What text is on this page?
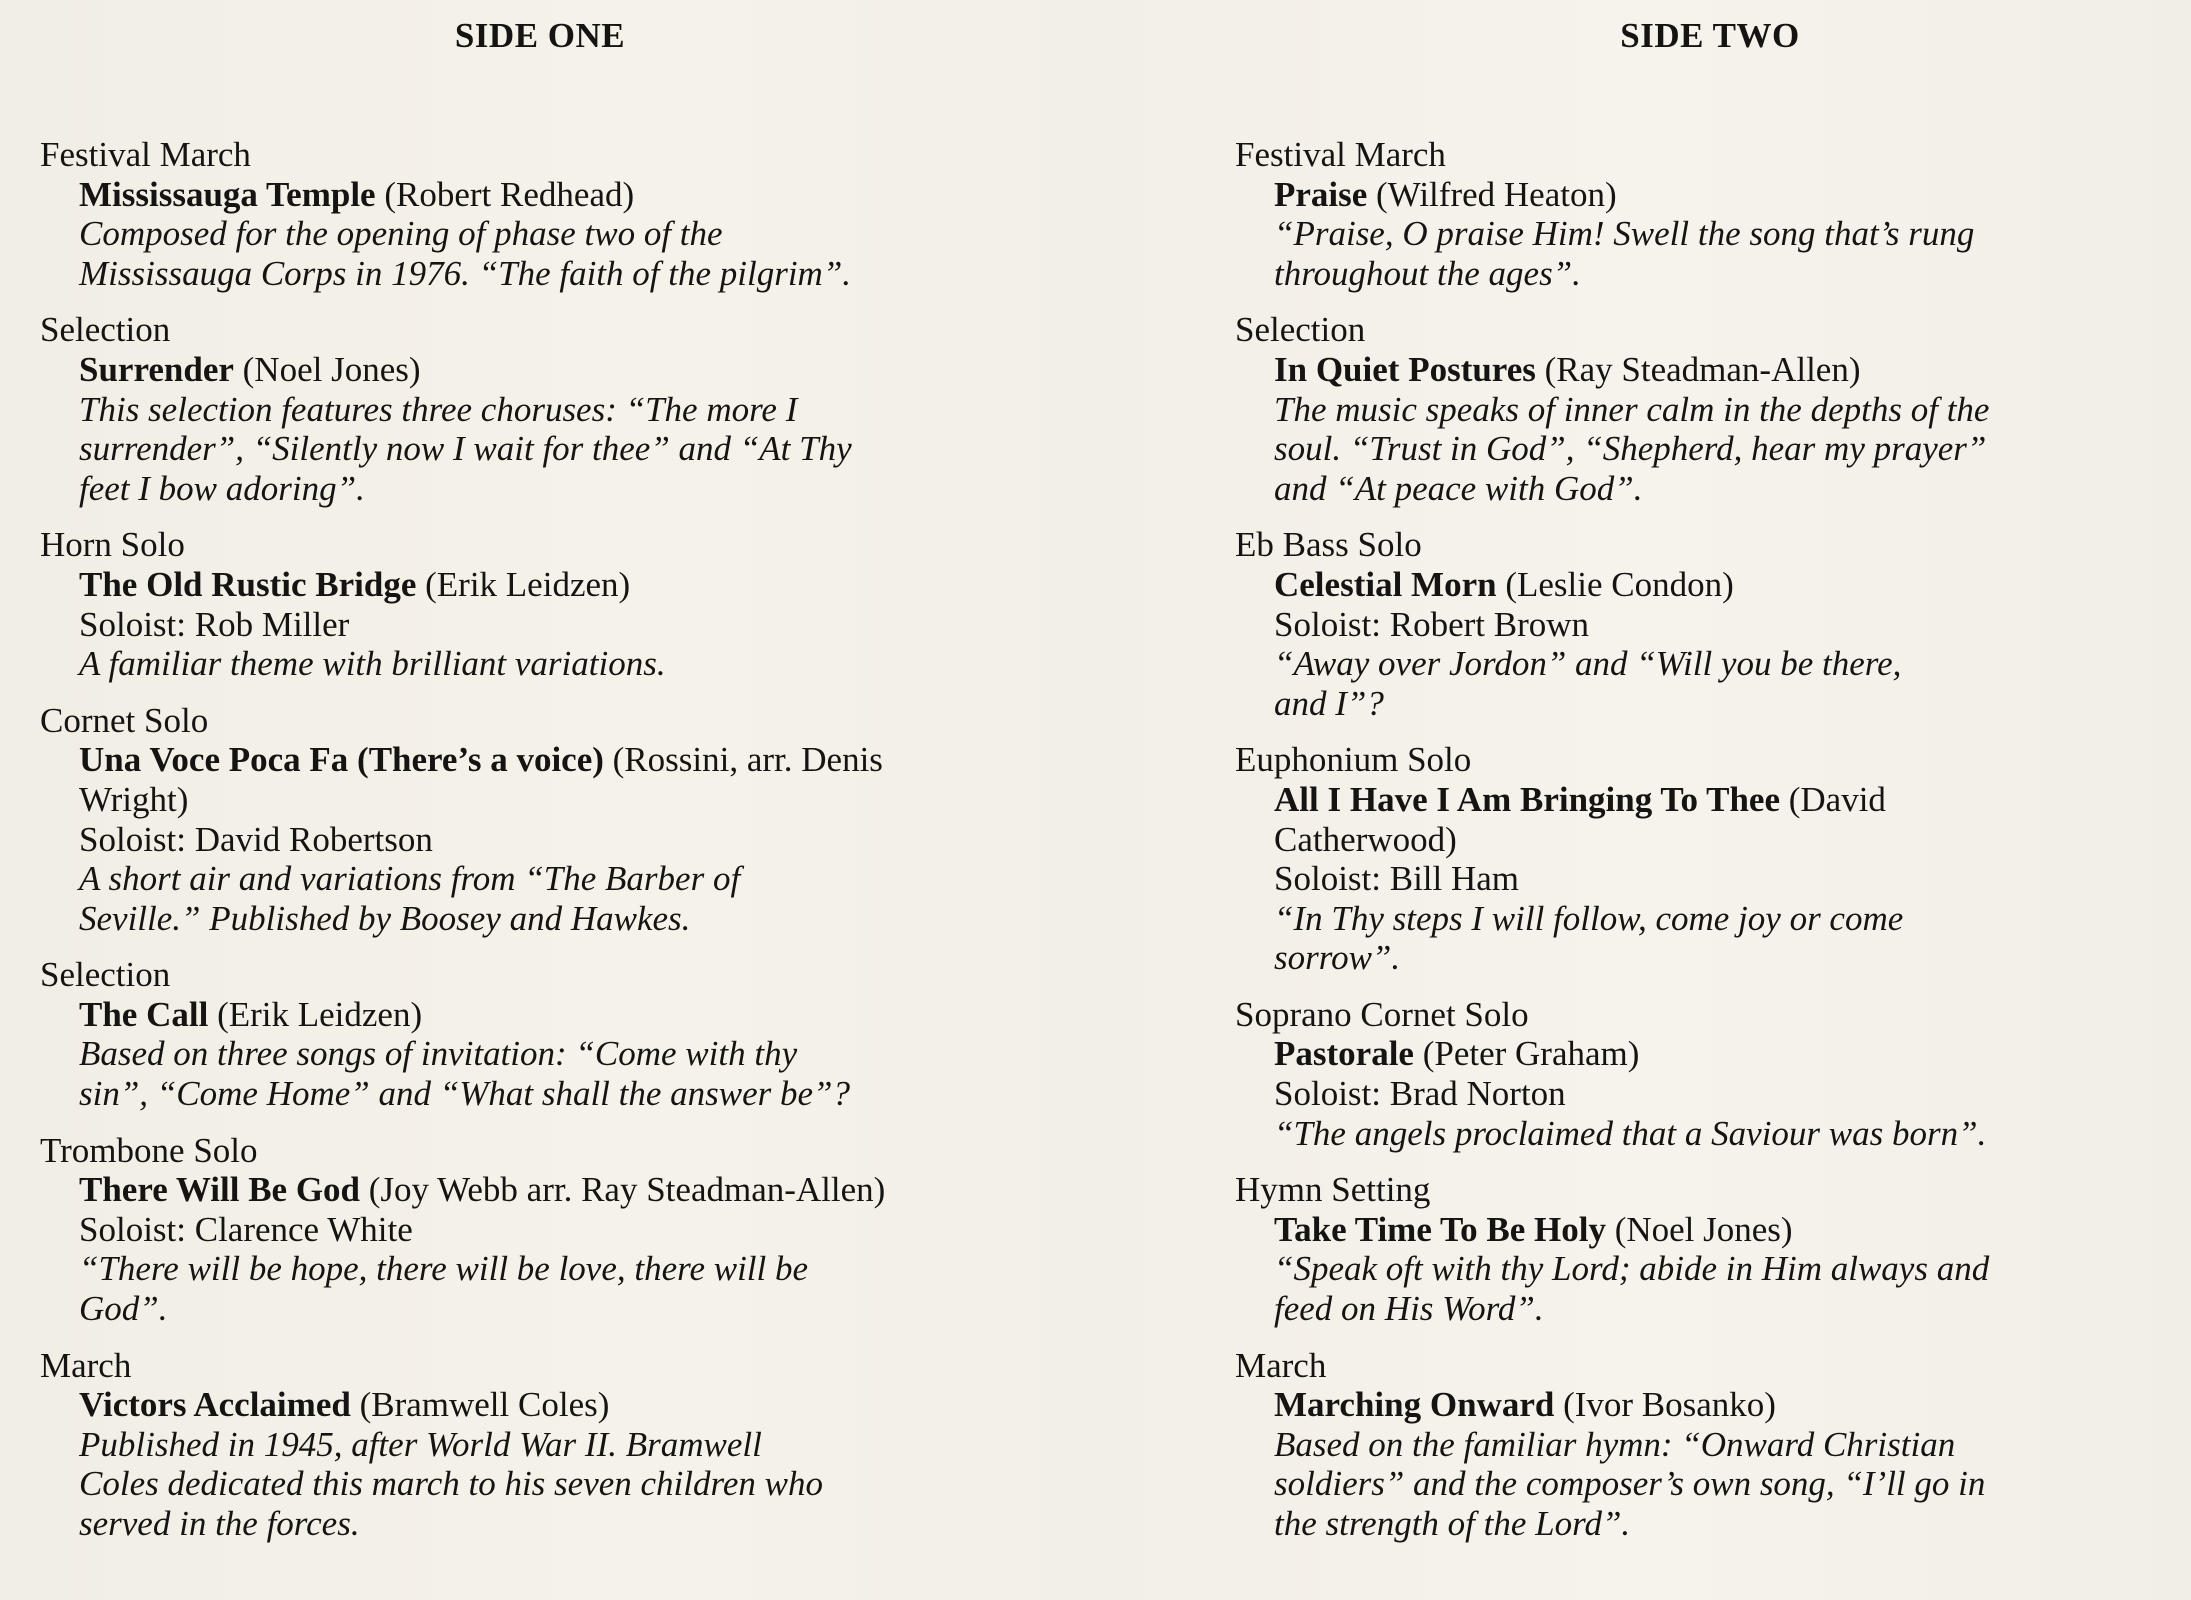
SIDE ONE
Festival March
Mississauga Temple (Robert Redhead)
Composed for the opening of phase two of the
Mississauga Corps in 1976. “The faith of the pilgrim”.
Selection
Surrender (Noel Jones)
This selection features three choruses: “The more I
surrender”, “Silently now I wait for thee” and “At Thy
feet I bow adoring”.
Horn Solo
The Old Rustic Bridge (Erik Leidzen)
Soloist: Rob Miller
A familiar theme with brilliant variations.
Cornet Solo
Una Voce Poca Fa (There’s a voice) (Rossini, arr. Denis
Wright)
Soloist: David Robertson
A short air and variations from “The Barber of
Seville.” Published by Boosey and Hawkes.
Selection
The Call (Erik Leidzen)
Based on three songs of invitation: “Come with thy
sin”, “Come Home” and “What shall the answer be”?
Trombone Solo
There Will Be God (Joy Webb arr. Ray Steadman-Allen)
Soloist: Clarence White
“There will be hope, there will be love, there will be
God”.
March
Victors Acclaimed (Bramwell Coles)
Published in 1945, after World War II. Bramwell
Coles dedicated this march to his seven children who
served in the forces.
SIDE TWO
Festival March
Praise (Wilfred Heaton)
“Praise, O praise Him! Swell the song that’s rung
throughout the ages”.
Selection
In Quiet Postures (Ray Steadman-Allen)
The music speaks of inner calm in the depths of the
soul. “Trust in God”, “Shepherd, hear my prayer”
and “At peace with God”.
Eb Bass Solo
Celestial Morn (Leslie Condon)
Soloist: Robert Brown
“Away over Jordon” and “Will you be there,
and I”?
Euphonium Solo
All I Have I Am Bringing To Thee (David
Catherwood)
Soloist: Bill Ham
“In Thy steps I will follow, come joy or come
sorrow”.
Soprano Cornet Solo
Pastorale (Peter Graham)
Soloist: Brad Norton
“The angels proclaimed that a Saviour was born”.
Hymn Setting
Take Time To Be Holy (Noel Jones)
“Speak oft with thy Lord; abide in Him always and
feed on His Word”.
March
Marching Onward (Ivor Bosanko)
Based on the familiar hymn: “Onward Christian
soldiers” and the composer’s own song, “I’ll go in
the strength of the Lord”.
